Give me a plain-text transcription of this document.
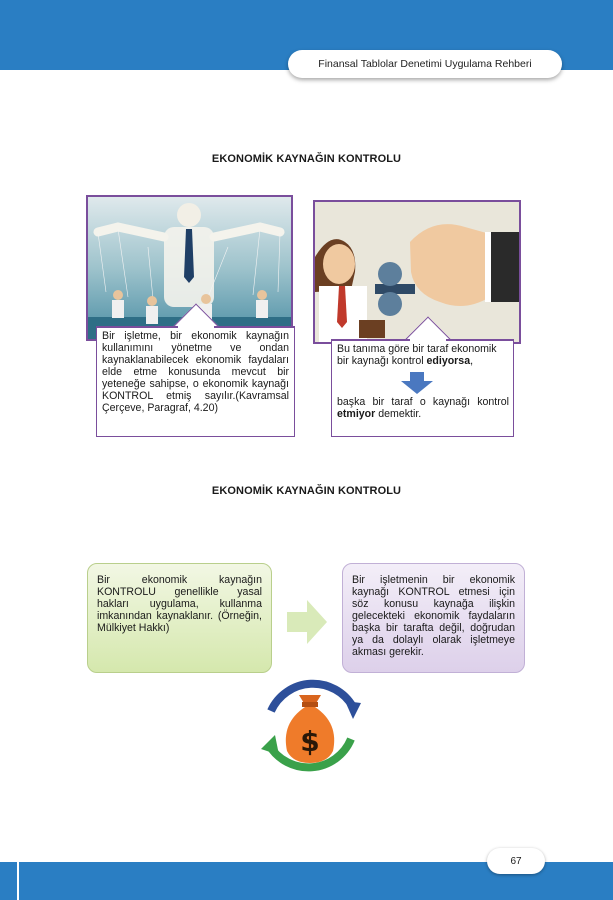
Finansal Tablolar Denetimi Uygulama Rehberi
EKONOMİK KAYNAĞIN KONTROLU
Bir işletme, bir ekonomik kaynağın kullanımını yönetme ve ondan kaynaklanabilecek ekonomik faydaları elde etme konusunda mevcut bir yeteneğe sahipse, o ekonomik kaynağı KONTROL etmiş sayılır.(Kavramsal Çerçeve, Paragraf, 4.20)
Bu tanıma göre bir taraf ekonomik bir kaynağı kontrol ediyorsa,
başka bir taraf o kaynağı kontrol etmiyor demektir.
EKONOMİK KAYNAĞIN KONTROLU
Bir ekonomik kaynağın KONTROLU genellikle yasal hakları uygulama, kullanma imkanından kaynaklanır. (Örneğin, Mülkiyet Hakkı)
Bir işletmenin bir ekonomik kaynağı KONTROL etmesi için söz konusu kaynağa ilişkin gelecekteki ekonomik faydaların başka bir tarafta değil, doğrudan ya da dolaylı olarak işletmeye akması gerekir.
$
67
